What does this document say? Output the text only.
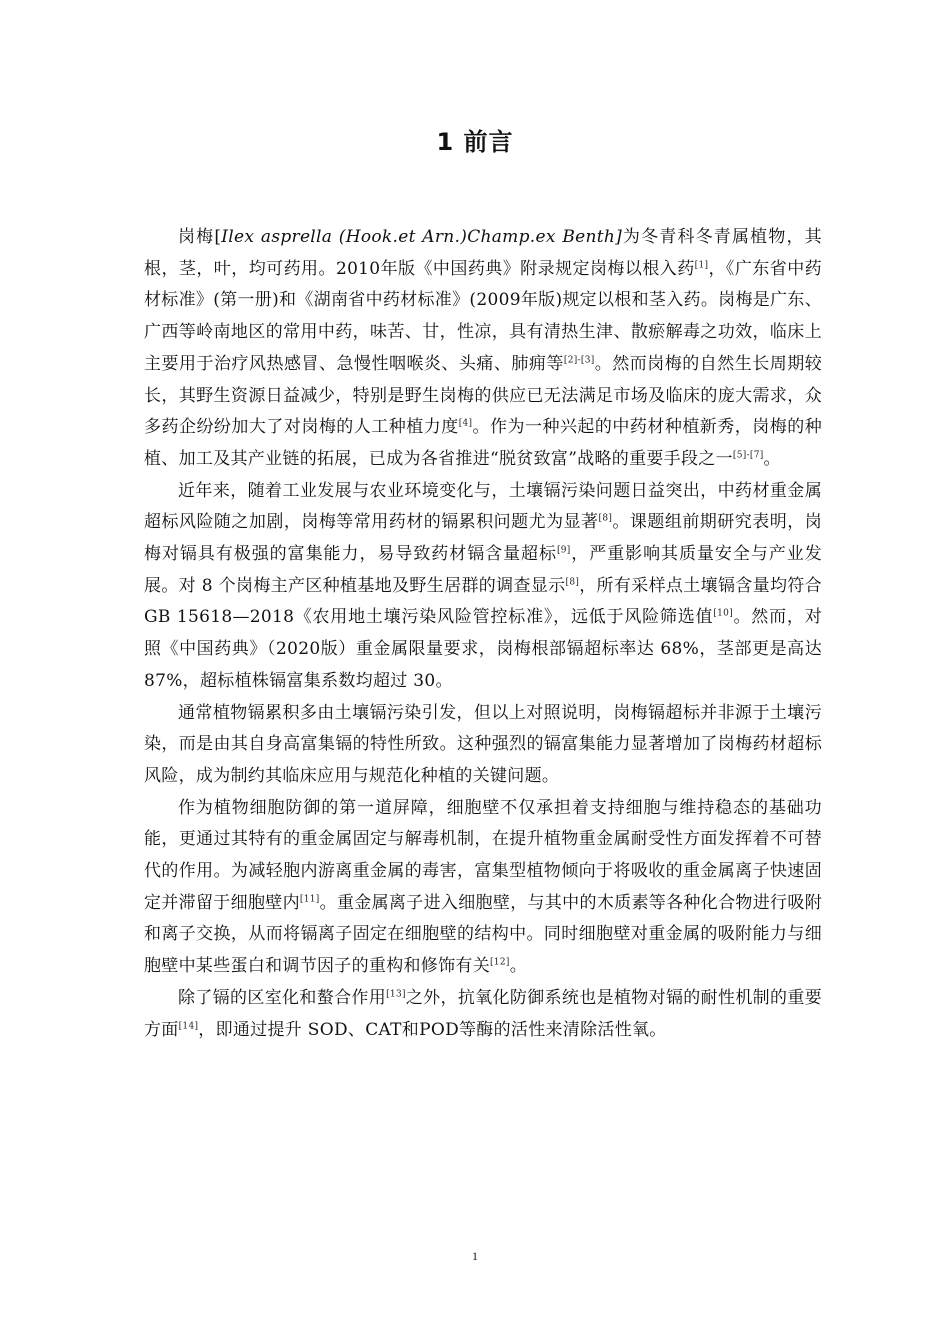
1 前言

岗梅[Ilex asprella (Hook.et Arn.)Champ.ex Benth]为冬青科冬青属植物，其根，茎，叶，均可药用。2010年版《中国药典》附录规定岗梅以根入药[1]，《广东省中药材标准》(第一册)和《湖南省中药材标准》(2009年版)规定以根和茎入药。岗梅是广东、广西等岭南地区的常用中药，味苦、甘，性凉，具有清热生津、散瘀解毒之功效，临床上主要用于治疗风热感冒、急慢性咽喉炎、头痛、肺痈等[2]-[3]。然而岗梅的自然生长周期较长，其野生资源日益减少，特别是野生岗梅的供应已无法满足市场及临床的庞大需求，众多药企纷纷加大了对岗梅的人工种植力度[4]。作为一种兴起的中药材种植新秀，岗梅的种植、加工及其产业链的拓展，已成为各省推进“脱贫致富”战略的重要手段之一[5]-[7]。

近年来，随着工业发展与农业环境变化与，土壤镉污染问题日益突出，中药材重金属超标风险随之加剧，岗梅等常用药材的镉累积问题尤为显著[8]。课题组前期研究表明，岗梅对镉具有极强的富集能力，易导致药材镉含量超标[9]，严重影响其质量安全与产业发展。对 8 个岗梅主产区种植基地及野生居群的调查显示[8]，所有采样点土壤镉含量均符合 GB 15618—2018《农用地土壤污染风险管控标准》，远低于风险筛选值[10]。然而，对照《中国药典》（2020版）重金属限量要求，岗梅根部镉超标率达 68%，茎部更是高达 87%，超标植株镉富集系数均超过 30。

通常植物镉累积多由土壤镉污染引发，但以上对照说明，岗梅镉超标并非源于土壤污染，而是由其自身高富集镉的特性所致。这种强烈的镉富集能力显著增加了岗梅药材超标风险，成为制约其临床应用与规范化种植的关键问题。

作为植物细胞防御的第一道屏障，细胞壁不仅承担着支持细胞与维持稳态的基础功能，更通过其特有的重金属固定与解毒机制，在提升植物重金属耐受性方面发挥着不可替代的作用。为减轻胞内游离重金属的毒害，富集型植物倾向于将吸收的重金属离子快速固定并滞留于细胞壁内[11]。重金属离子进入细胞壁，与其中的木质素等各种化合物进行吸附和离子交换，从而将镉离子固定在细胞壁的结构中。同时细胞壁对重金属的吸附能力与细胞壁中某些蛋白和调节因子的重构和修饰有关[12]。

除了镉的区室化和螯合作用[13]之外，抗氧化防御系统也是植物对镉的耐性机制的重要方面[14]，即通过提升 SOD、CAT和POD等酶的活性来清除活性氧。

1
